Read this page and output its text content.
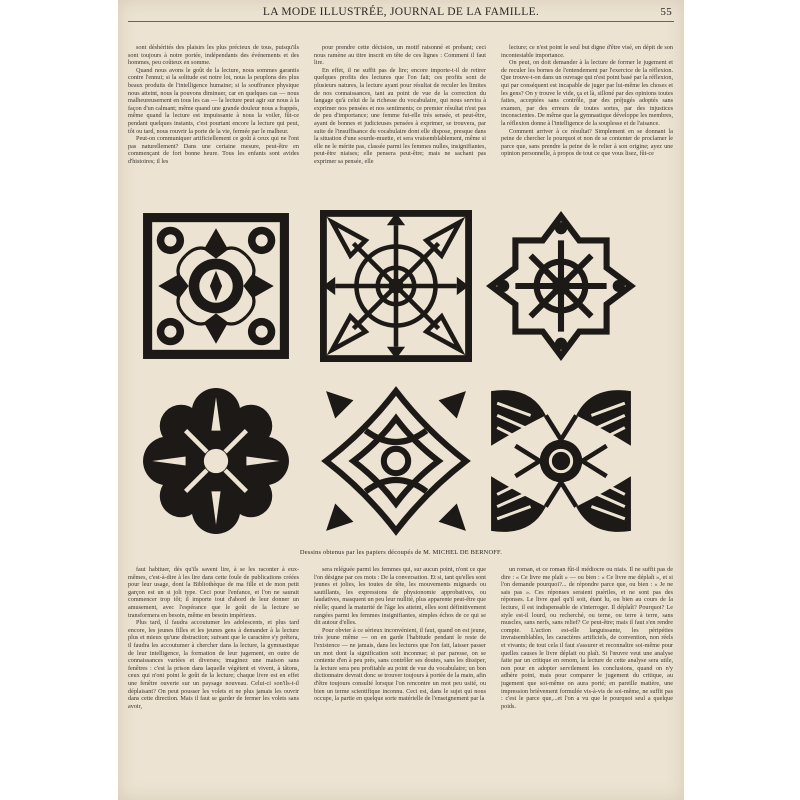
LA MODE ILLUSTRÉE, JOURNAL DE LA FAMILLE.	55

sont déshérités des plaisirs les plus précieux de tous, puisqu'ils sont toujours à notre portée, indépendants des événements et des hommes, peu coûteux en somme.

Quand nous avons le goût de la lecture, nous sommes garantis contre l'ennui; si la solitude est notre lot, nous la peuplons des plus beaux produits de l'intelligence humaine; si la souffrance physique nous atteint, nous la pouvons diminuer, car en quelques cas — nous malheureusement en tous les cas — la lecture peut agir sur nous à la façon d'un calmant; même quand une grande douleur nous a frappés, même quand la lecture est impuissante à nous la voiler, fût-ce pendant quelques instants, c'est pourtant encore la lecture qui peut, tôt ou tard, nous rouvrir la porte de la vie, fermée par le malheur.

Peut-on communiquer artificiellement ce goût à ceux qui ne l'ont pas naturellement? Dans une certaine mesure, peut-être en commençant de fort bonne heure. Tous les enfants sont avides d'histoires; il les

pour prendre cette décision, un motif raisonné et probant; ceci nous ramène au titre inscrit en tête de ces lignes : Comment il faut lire.

En effet, il ne suffit pas de lire; encore importe-t-il de retirer quelques profits des lectures que l'on fait; ces profits sont de plusieurs natures, la lecture ayant pour résultat de reculer les limites de nos connaissances, tant au point de vue de la correction du langage qu'à celui de la richesse du vocabulaire, qui nous servira à exprimer nos pensées et nos sentiments; ce premier résultat n'est pas de peu d'importance; une femme fut-elle très sensée, et peut-être, ayant de bonnes et judicieuses pensées à exprimer, se trouvera, par suite de l'insuffisance du vocabulaire dont elle dispose, presque dans la situation d'une sourde-muette, et sera vraisemblablement, même si elle ne le mérite pas, classée parmi les femmes nulles, insignifiantes, peut-être niaises; elle pensera peut-être; mais ne sachant pas exprimer sa pensée, elle

lecture; ce n'est point le seul but digne d'être visé, en dépit de son incontestable importance.

On peut, on doit demander à la lecture de former le jugement et de reculer les bornes de l'entendement par l'exercice de la réflexion. Que trouve-t-on dans un ouvrage qui n'est point basé par la réflexion, qui par conséquent est incapable de juger par lui-même les choses et les gens? On y trouve le vide, ça et là, silloné par des opinions toutes faites, acceptées sans contrôle, par des préjugés adoptés sans examen, par des erreurs de toutes sortes, par des injustices inconscientes. De même que la gymnastique développe les membres, la réflexion donne à l'intelligence de la souplesse et de l'aisance.

Comment arriver à ce résultat? Simplement en se donnant la peine de chercher le pourquoi et non de se contenter de proclamer le parce que, sans prendre la peine de le relier à son origine; ayez une opinion personnelle, à propos de tout ce que vous lisez, fût-ce

Dessins obtenus par les papiers découpés de M. MICHEL DE BERNOFF.

faut habituer, dès qu'ils savent lire, à se les raconter à eux-mêmes, c'est-à-dire à les lire dans cette foule de publications créées pour leur usage, dont la Bibliothèque de ma fille et de mon petit garçon est un si joli type. Ceci pour l'enfance, et l'on ne saurait commencer trop tôt; il importe tout d'abord de leur donner un amusement, avec l'espérance que le goût de la lecture se transformera en besoin, même en besoin impérieux.

Plus tard, il faudra accoutumer les adolescents, et plus tard encore, les jeunes filles et les jeunes gens à demander à la lecture plus et mieux qu'une distraction; suivant que le caractère s'y prêtera, il faudra les accoutumer à chercher dans la lecture, la gymnastique de leur intelligence, la formation de leur jugement, en outre de connaissances variées et diverses; imaginez une maison sans fenêtres : c'est la prison dans laquelle végètent et vivent, à tâtons, ceux qui n'ont point le goût de la lecture; chaque livre est en effet une fenêtre ouverte sur un paysage nouveau. Celui-ci son'ils-t-il déplaisant? On peut pousser les volets et ne plus jamais les ouvrir dans cette direction. Mais il faut se garder de fermer les volets sans avoir,

sera reléguée parmi les femmes qui, sur aucun point, n'ont ce que l'on désigne par ces mots : De la conversation. Et si, tant qu'elles sont jeunes et jolies, les toutes de tête, les mouvements mignards ou sautillants, les expressions de physionomie approbatives, ou laudatives, masquent un peu leur nullité, plus apparente peut-être que réelle; quand la maturité de l'âge les atteint, elles sont définitivement rangées parmi les femmes insignifiantes, simples échos de ce qui se dit autour d'elles.

Pour obvier à ce sérieux inconvénient, il faut, quand on est jeune, très jeune même — on en garde l'habitude pendant le reste de l'existence — ne jamais, dans les lectures que l'on fait, laisser passer un mot dont la signification soit inconnue; si par paresse, on se contente d'en à peu près, sans contrôler ses doutes, sans les dissiper, la lecture sera peu profitable au point de vue du vocabulaire; un bon dictionnaire devrait donc se trouver toujours à portée de la main, afin d'être toujours consulté lorsque l'on rencontre un mot peu usité, ou bien un terme scientifique inconnu. Ceci est, dans le sujet qui nous occupe, la partie en quelque sorte matérielle de l'enseignement par la

un roman, et ce roman fût-il médiocre ou niais. Il ne suffit pas de dire : « Ce livre me plaît » — ou bien : « Ce livre me déplaît », et si l'on demande pourquoi?... de répondre parce que, ou bien : « Je ne sais pas ». Ces réponses seraient puériles, et ne sont pas des réponses. Le livre quel qu'il soit, étant lu, ou bien au cours de la lecture, il est indispensable de s'interroger. Il déplaît? Pourquoi? Le style est-il lourd, ou recherché, ou terne, ou terre à terre, sans muscles, sans nerfs, sans relief? Ce peut-être; mais il faut s'en rendre compte. L'action est-elle languissante, les péripéties invraisemblables, les caractères artificiels, de convention, non réels et vivants; de tout cela il faut s'assurer et reconnaître soi-même pour quelles causes le livre déplait ou plaît. Si l'œuvre veut une analyse faite par un critique en renom, la lecture de cette analyse sera utile, non pour en adopter servilement les conclusions, quand on n'y adhère point, mais pour comparer le jugement du critique, au jugement que soi-même on aura porté; en pareille matière, une impression brièvement formulée vis-à-vis de soi-même, ne suffit pas : c'est le parce que,...et l'on a vu que le pourquoi seul a quelque poids.
